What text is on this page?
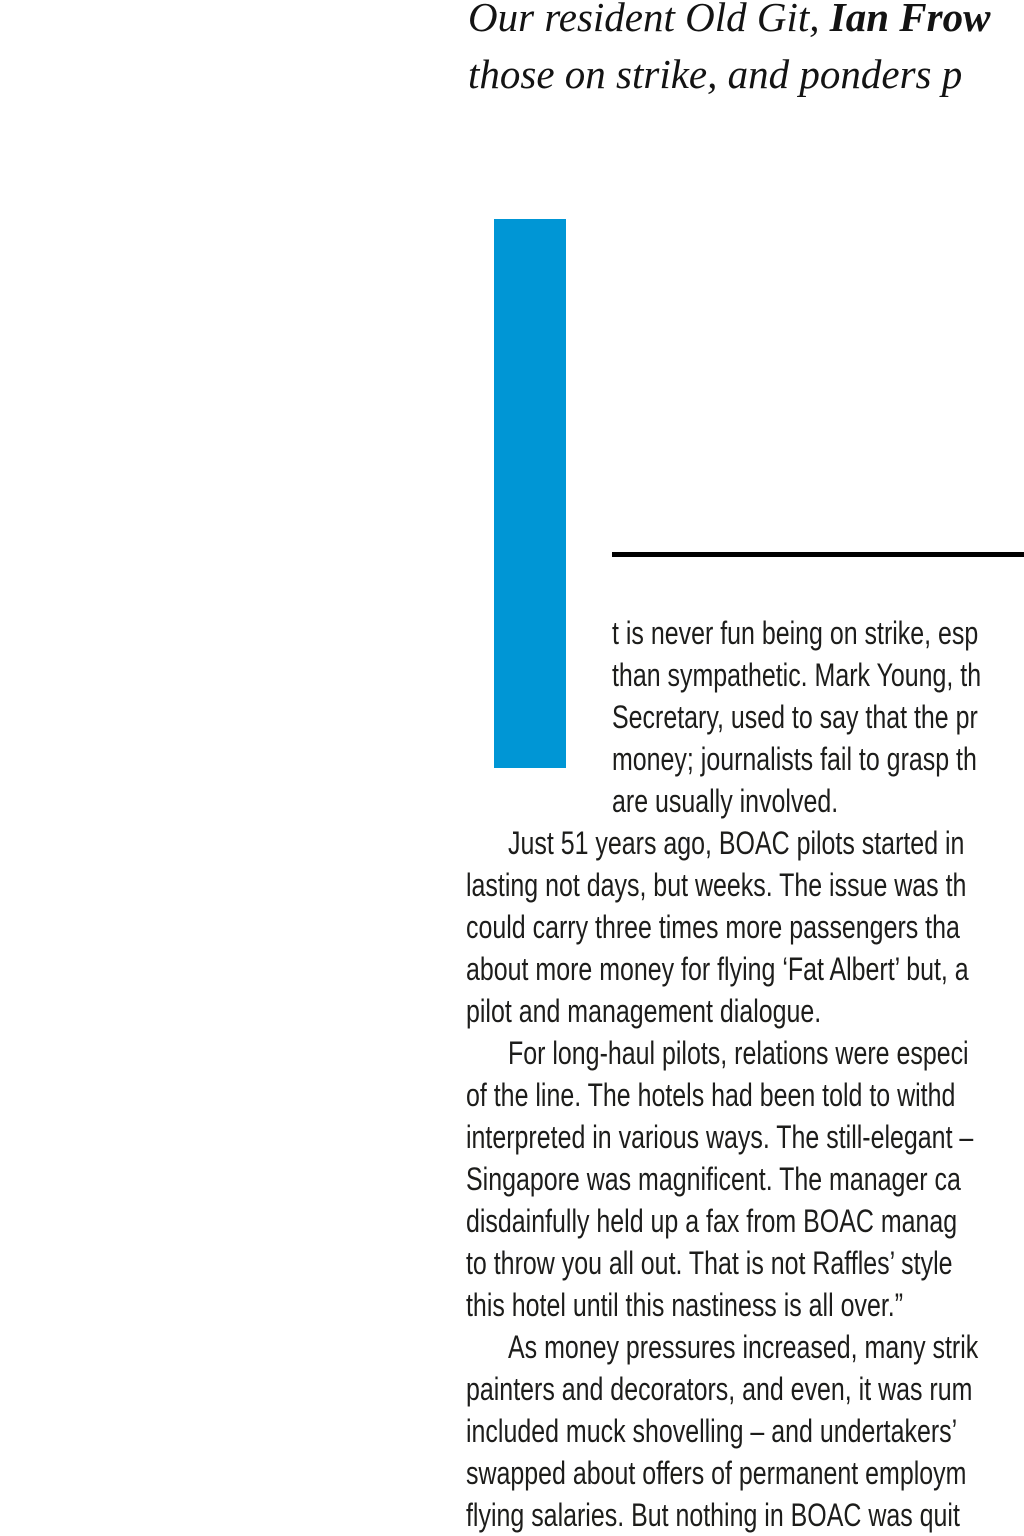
Our resident Old Git, Ian Frow
those on strike, and ponders p
t is never fun being on strike, esp
than sympathetic. Mark Young, th
Secretary, used to say that the pr
money; journalists fail to grasp th
are usually involved.
Just 51 years ago, BOAC pilots started in
lasting not days, but weeks. The issue was th
could carry three times more passengers tha
about more money for flying ‘Fat Albert’ but, a
pilot and management dialogue.
For long-haul pilots, relations were especi
of the line. The hotels had been told to withd
interpreted in various ways. The still-elegant –
Singapore was magnificent. The manager ca
disdainfully held up a fax from BOAC manag
to throw you all out. That is not Raffles’ style
this hotel until this nastiness is all over.”
As money pressures increased, many strik
painters and decorators, and even, it was rum
included muck shovelling – and undertakers’
swapped about offers of permanent employm
flying salaries. But nothing in BOAC was quit
